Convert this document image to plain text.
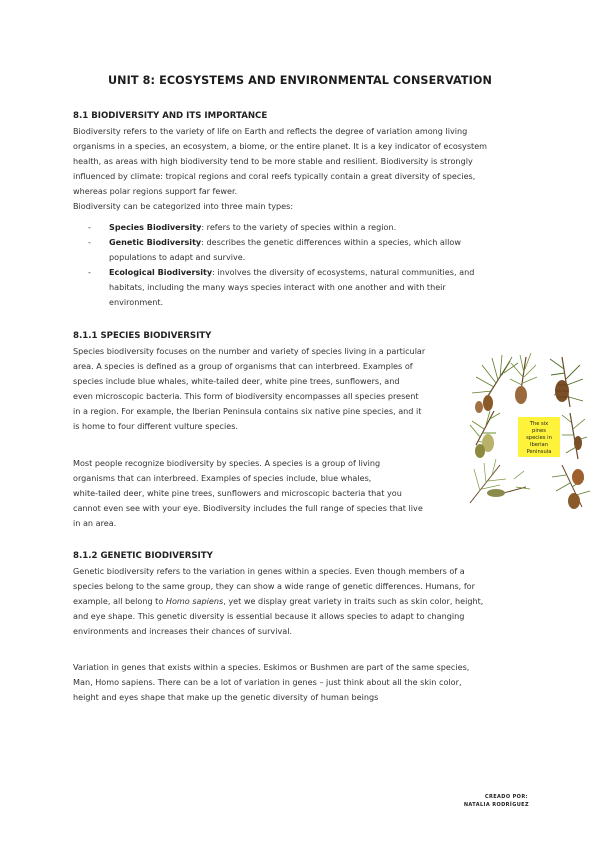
UNIT 8: ECOSYSTEMS AND ENVIRONMENTAL CONSERVATION
8.1 BIODIVERSITY AND ITS IMPORTANCE
Biodiversity refers to the variety of life on Earth and reflects the degree of variation among living
organisms in a species, an ecosystem, a biome, or the entire planet. It is a key indicator of ecosystem
health, as areas with high biodiversity tend to be more stable and resilient. Biodiversity is strongly
influenced by climate: tropical regions and coral reefs typically contain a great diversity of species,
whereas polar regions support far fewer.
Biodiversity can be categorized into three main types:
- Species Biodiversity: refers to the variety of species within a region.
- Genetic Biodiversity: describes the genetic differences within a species, which allow
populations to adapt and survive.
- Ecological Biodiversity: involves the diversity of ecosystems, natural communities, and
habitats, including the many ways species interact with one another and with their
environment.
8.1.1 SPECIES BIODIVERSITY
Species biodiversity focuses on the number and variety of species living in a particular
area. A species is defined as a group of organisms that can interbreed. Examples of
species include blue whales, white-tailed deer, white pine trees, sunflowers, and
even microscopic bacteria. This form of biodiversity encompasses all species present
in a region. For example, the Iberian Peninsula contains six native pine species, and it
is home to four different vulture species.
Most people recognize biodiversity by species. A species is a group of living
organisms that can interbreed. Examples of species include, blue whales,
white-tailed deer, white pine trees, sunflowers and microscopic bacteria that you
cannot even see with your eye. Biodiversity includes the full range of species that live
in an area.
The six
pines
species in
Iberian
Peninsula
8.1.2 GENETIC BIODIVERSITY
Genetic biodiversity refers to the variation in genes within a species. Even though members of a
species belong to the same group, they can show a wide range of genetic differences. Humans, for
example, all belong to Homo sapiens, yet we display great variety in traits such as skin color, height,
and eye shape. This genetic diversity is essential because it allows species to adapt to changing
environments and increases their chances of survival.
Variation in genes that exists within a species. Eskimos or Bushmen are part of the same species,
Man, Homo sapiens. There can be a lot of variation in genes – just think about all the skin color,
height and eyes shape that make up the genetic diversity of human beings
CREADO POR:
NATALIA RODRÍGUEZ
